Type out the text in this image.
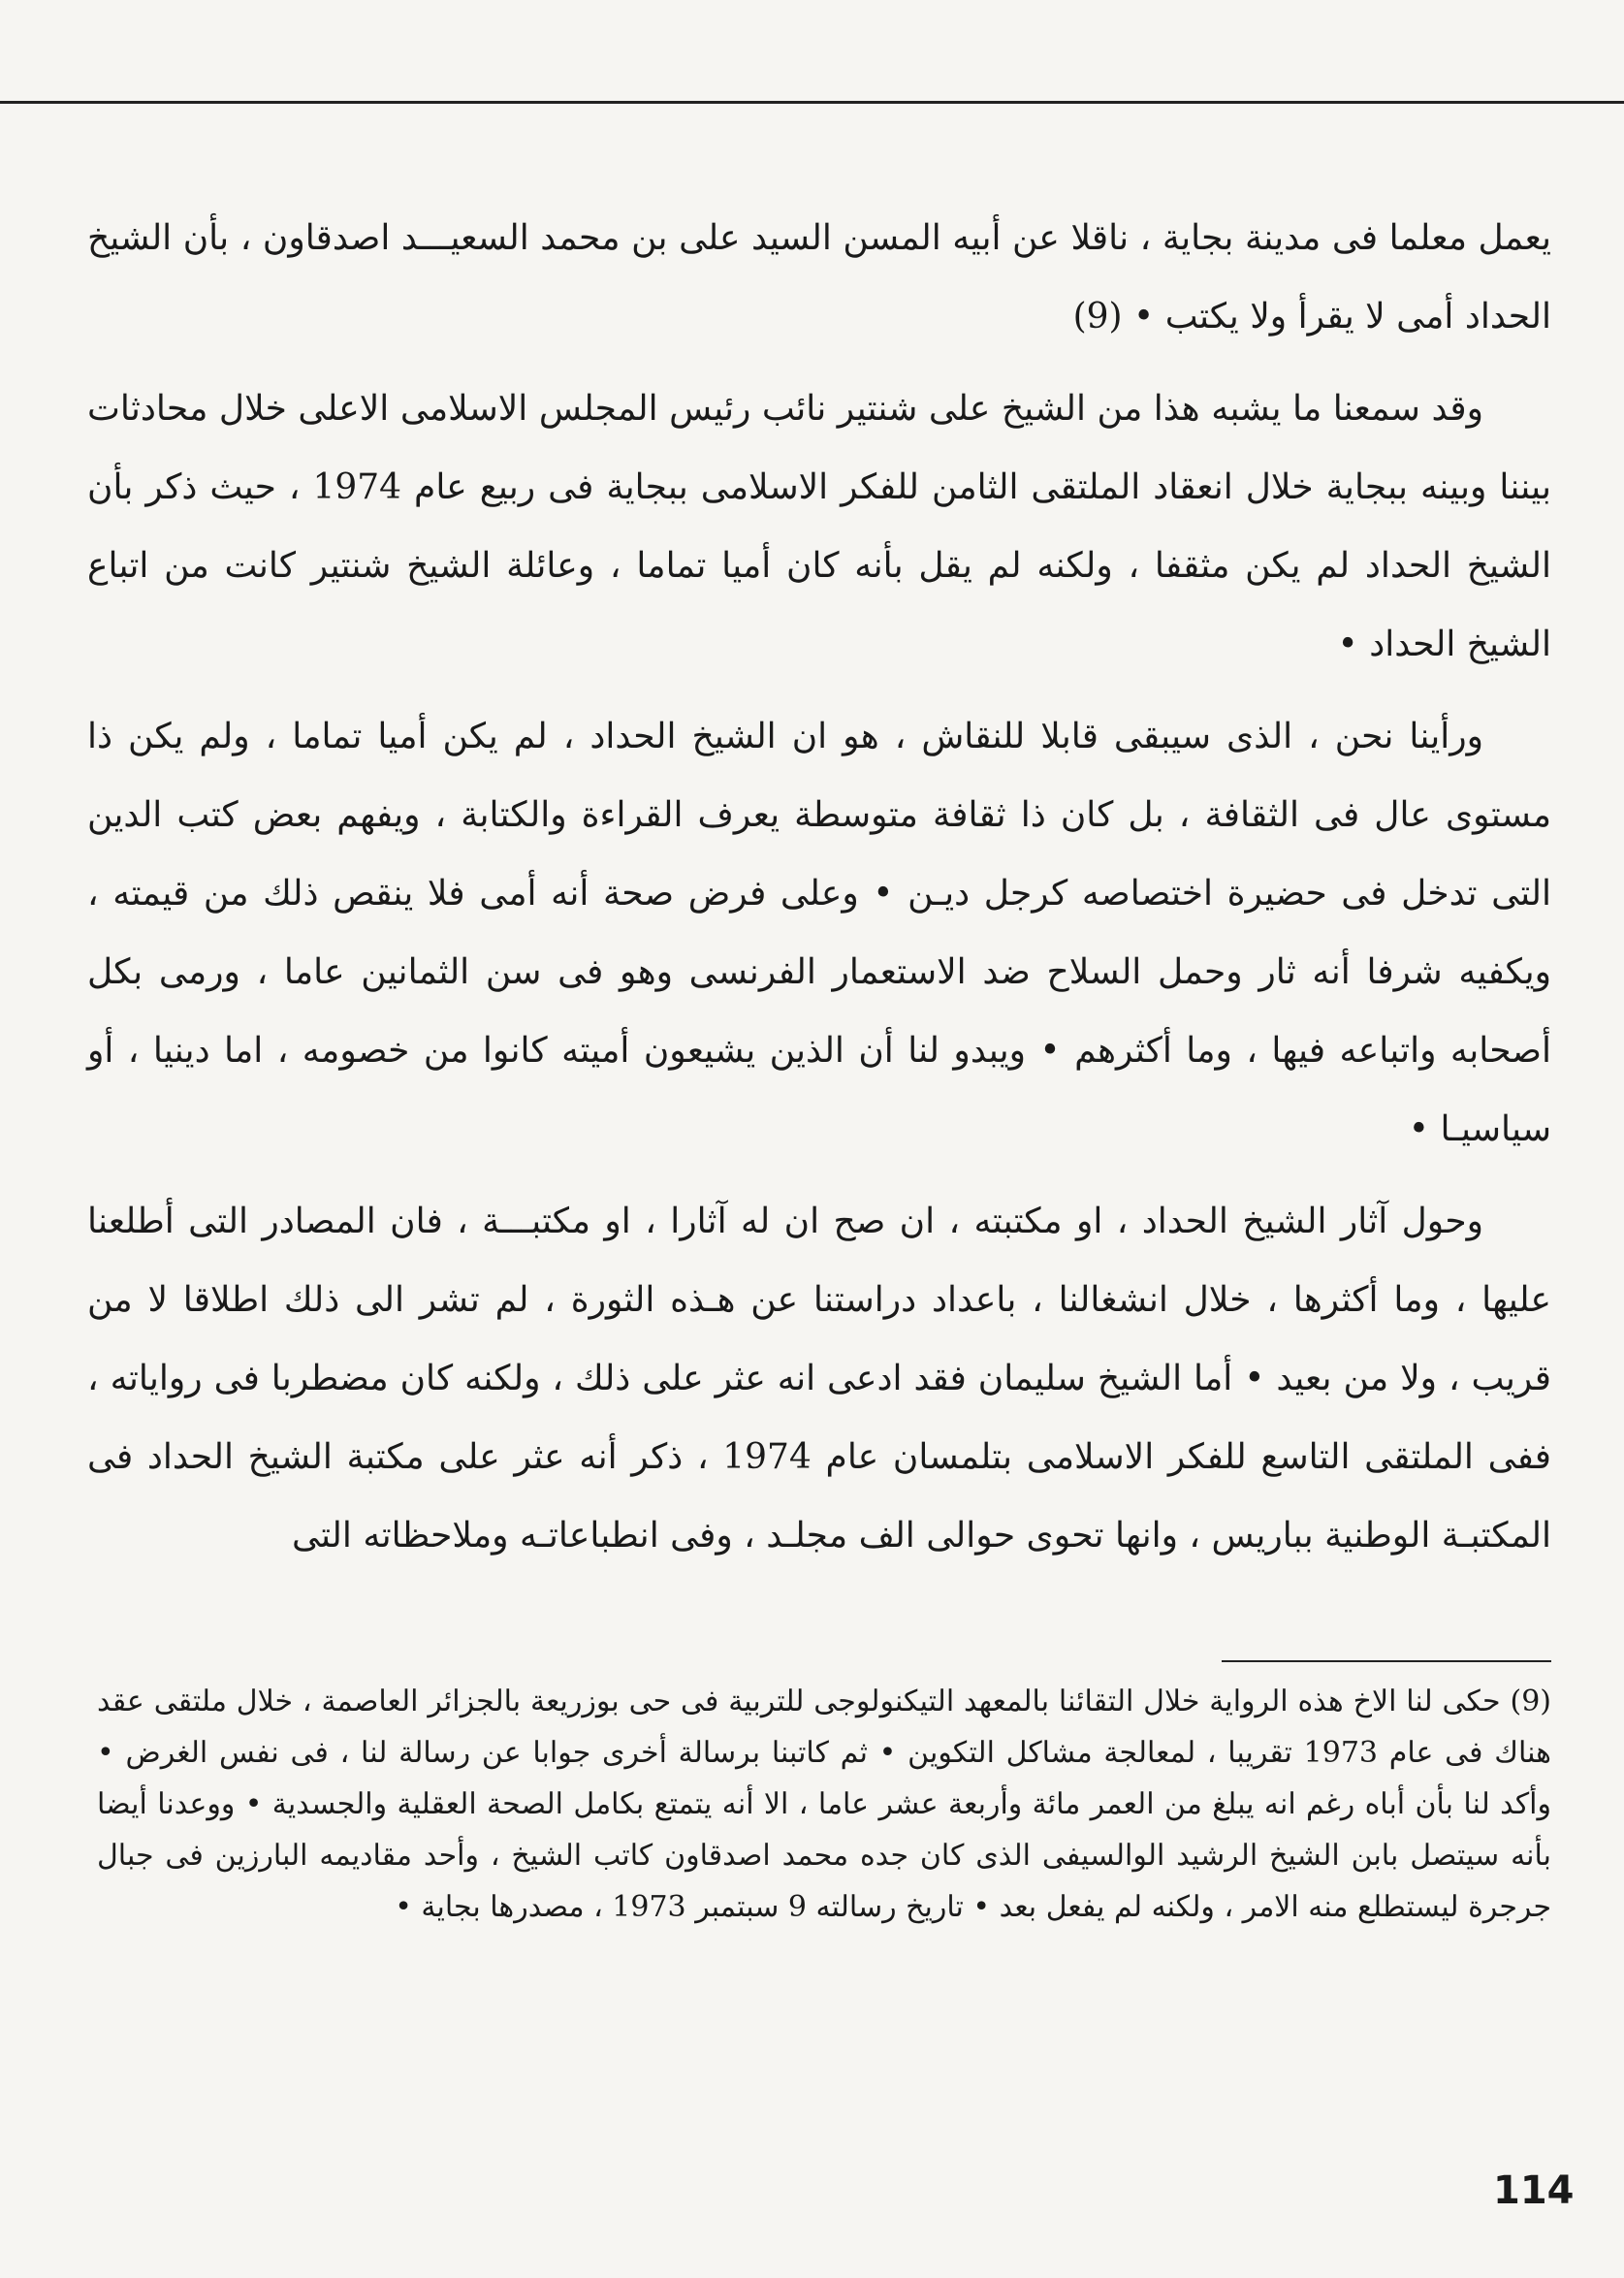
يعمل معلما فى مدينة بجاية ، ناقلا عن أبيه المسن السيد على بن محمد السعيـــد اصدقاون ، بأن الشيخ الحداد أمى لا يقرأ ولا يكتب • (9)

وقد سمعنا ما يشبه هذا من الشيخ على شنتير نائب رئيس المجلس الاسلامى الاعلى خلال محادثات بيننا وبينه ببجاية خلال انعقاد الملتقى الثامن للفكر الاسلامى ببجاية فى ربيع عام 1974 ، حيث ذكر بأن الشيخ الحداد لم يكن مثقفا ، ولكنه لم يقل بأنه كان أميا تماما ، وعائلة الشيخ شنتير كانت من اتباع الشيخ الحداد •

ورأينا نحن ، الذى سيبقى قابلا للنقاش ، هو ان الشيخ الحداد ، لم يكن أميا تماما ، ولم يكن ذا مستوى عال فى الثقافة ، بل كان ذا ثقافة متوسطة يعرف القراءة والكتابة ، ويفهم بعض كتب الدين التى تدخل فى حضيرة اختصاصه كرجل ديـن • وعلى فرض صحة أنه أمى فلا ينقص ذلك من قيمته ، ويكفيه شرفا أنه ثار وحمل السلاح ضد الاستعمار الفرنسى وهو فى سن الثمانين عاما ، ورمى بكل أصحابه واتباعه فيها ، وما أكثرهم • ويبدو لنا أن الذين يشيعون أميته كانوا من خصومه ، اما دينيا ، أو سياسيـا •

وحول آثار الشيخ الحداد ، او مكتبته ، ان صح ان له آثارا ، او مكتبـــة ، فان المصادر التى أطلعنا عليها ، وما أكثرها ، خلال انشغالنا ، باعداد دراستنا عن هـذه الثورة ، لم تشر الى ذلك اطلاقا لا من قريب ، ولا من بعيد • أما الشيخ سليمان فقد ادعى انه عثر على ذلك ، ولكنه كان مضطربا فى رواياته ، ففى الملتقى التاسع للفكر الاسلامى بتلمسان عام 1974 ، ذكر أنه عثر على مكتبة الشيخ الحداد فى المكتبـة الوطنية بباريس ، وانها تحوى حوالى الف مجلـد ، وفى انطباعاتـه وملاحظاته التى

(9) حكى لنا الاخ هذه الرواية خلال التقائنا بالمعهد التيكنولوجى للتربية فى حى بوزريعة بالجزائر العاصمة ، خلال ملتقى عقد هناك فى عام 1973 تقريبا ، لمعالجة مشاكل التكوين • ثم كاتبنا برسالة أخرى جوابا عن رسالة لنا ، فى نفس الغرض • وأكد لنا بأن أباه رغم انه يبلغ من العمر مائة وأربعة عشر عاما ، الا أنه يتمتع بكامل الصحة العقلية والجسدية • ووعدنا أيضا بأنه سيتصل بابن الشيخ الرشيد الوالسيفى الذى كان جده محمد اصدقاون كاتب الشيخ ، وأحد مقاديمه البارزين فى جبال جرجرة ليستطلع منه الامر ، ولكنه لم يفعل بعد • تاريخ رسالته 9 سبتمبر 1973 ، مصدرها بجاية •

114
